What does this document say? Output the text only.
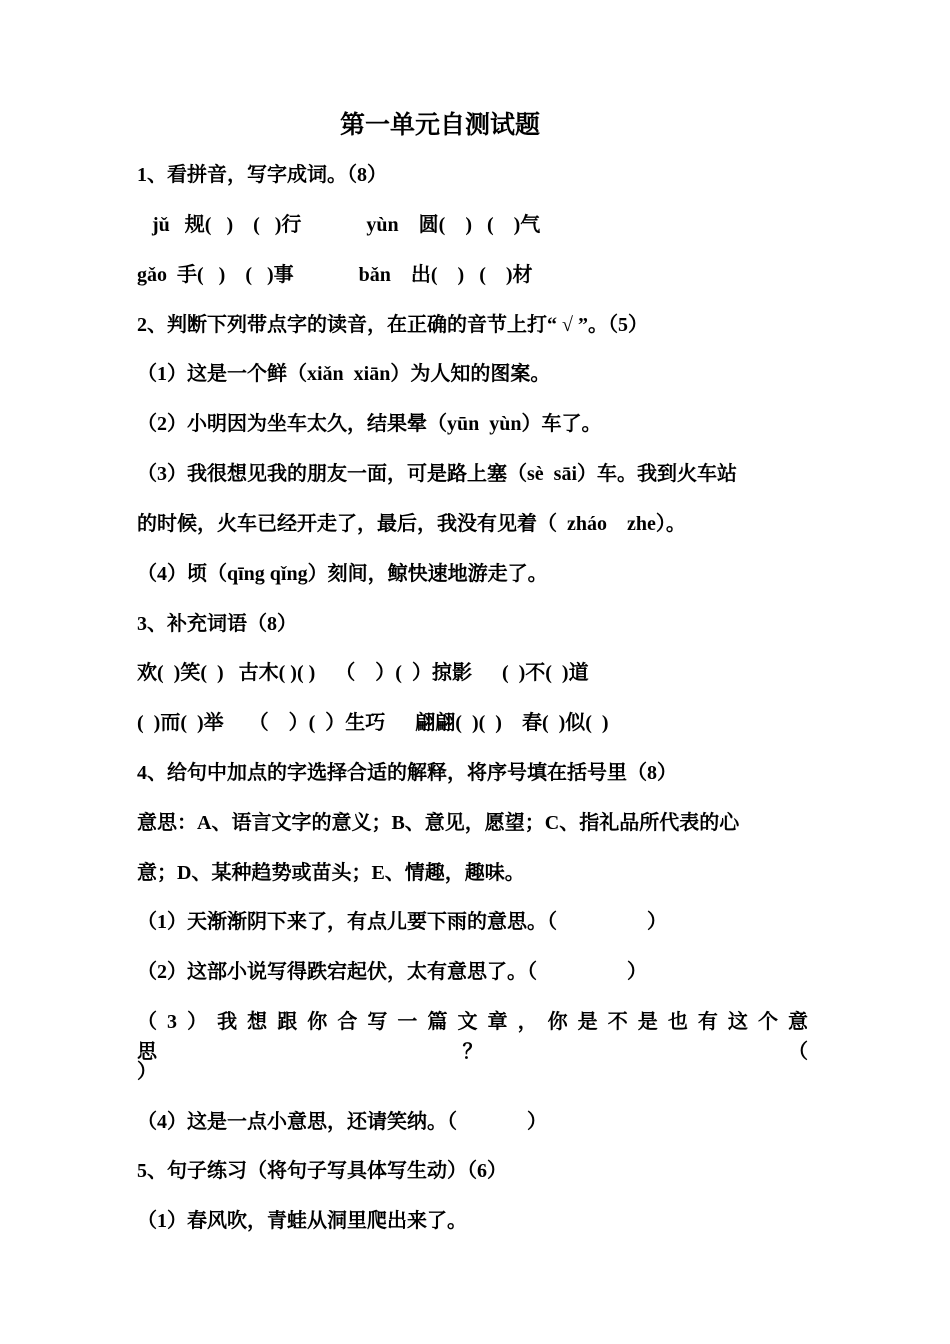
第一单元自测试题
1、看拼音，写字成词。（8）
jǔ   规(   )    (   )行             yùn    圆(    )   (    )气
gǎo  手(   )    (   )事             bǎn    出(    )   (    )材
2、判断下列带点字的读音，在正确的音节上打“ √ ”。（5）
（1）这是一个鲜（xiǎn  xiān）为人知的图案。
（2）小明因为坐车太久，结果晕（yūn  yùn）车了。
（3）我很想见我的朋友一面，可是路上塞（sè  sāi）车。我到火车站
的时候，火车已经开走了，最后，我没有见着（  zháo    zhe）。
（4）顷（qīng qǐng）刻间，鲸快速地游走了。
3、补充词语（8）
欢(  )笑(  )   古木( )( )    （    ）(  ）掠影      (  )不(  )道
(  )而(  )举     （    ）(  ）生巧      翩翩(  )(  )    春(  )似(  )
4、给句中加点的字选择合适的解释，将序号填在括号里（8）
意思：A、语言文字的意义；B、意见，愿望；C、指礼品所代表的心
意；D、某种趋势或苗头；E、情趣，趣味。
（1）天渐渐阴下来了，有点儿要下雨的意思。（                  ）
（2）这部小说写得跌宕起伏，太有意思了。（                  ）
（3）我想跟你合写一篇文章，你是不是也有这个意思？（
）
（4）这是一点小意思，还请笑纳。（              ）
5、句子练习（将句子写具体写生动）（6）
（1）春风吹，青蛙从洞里爬出来了。
